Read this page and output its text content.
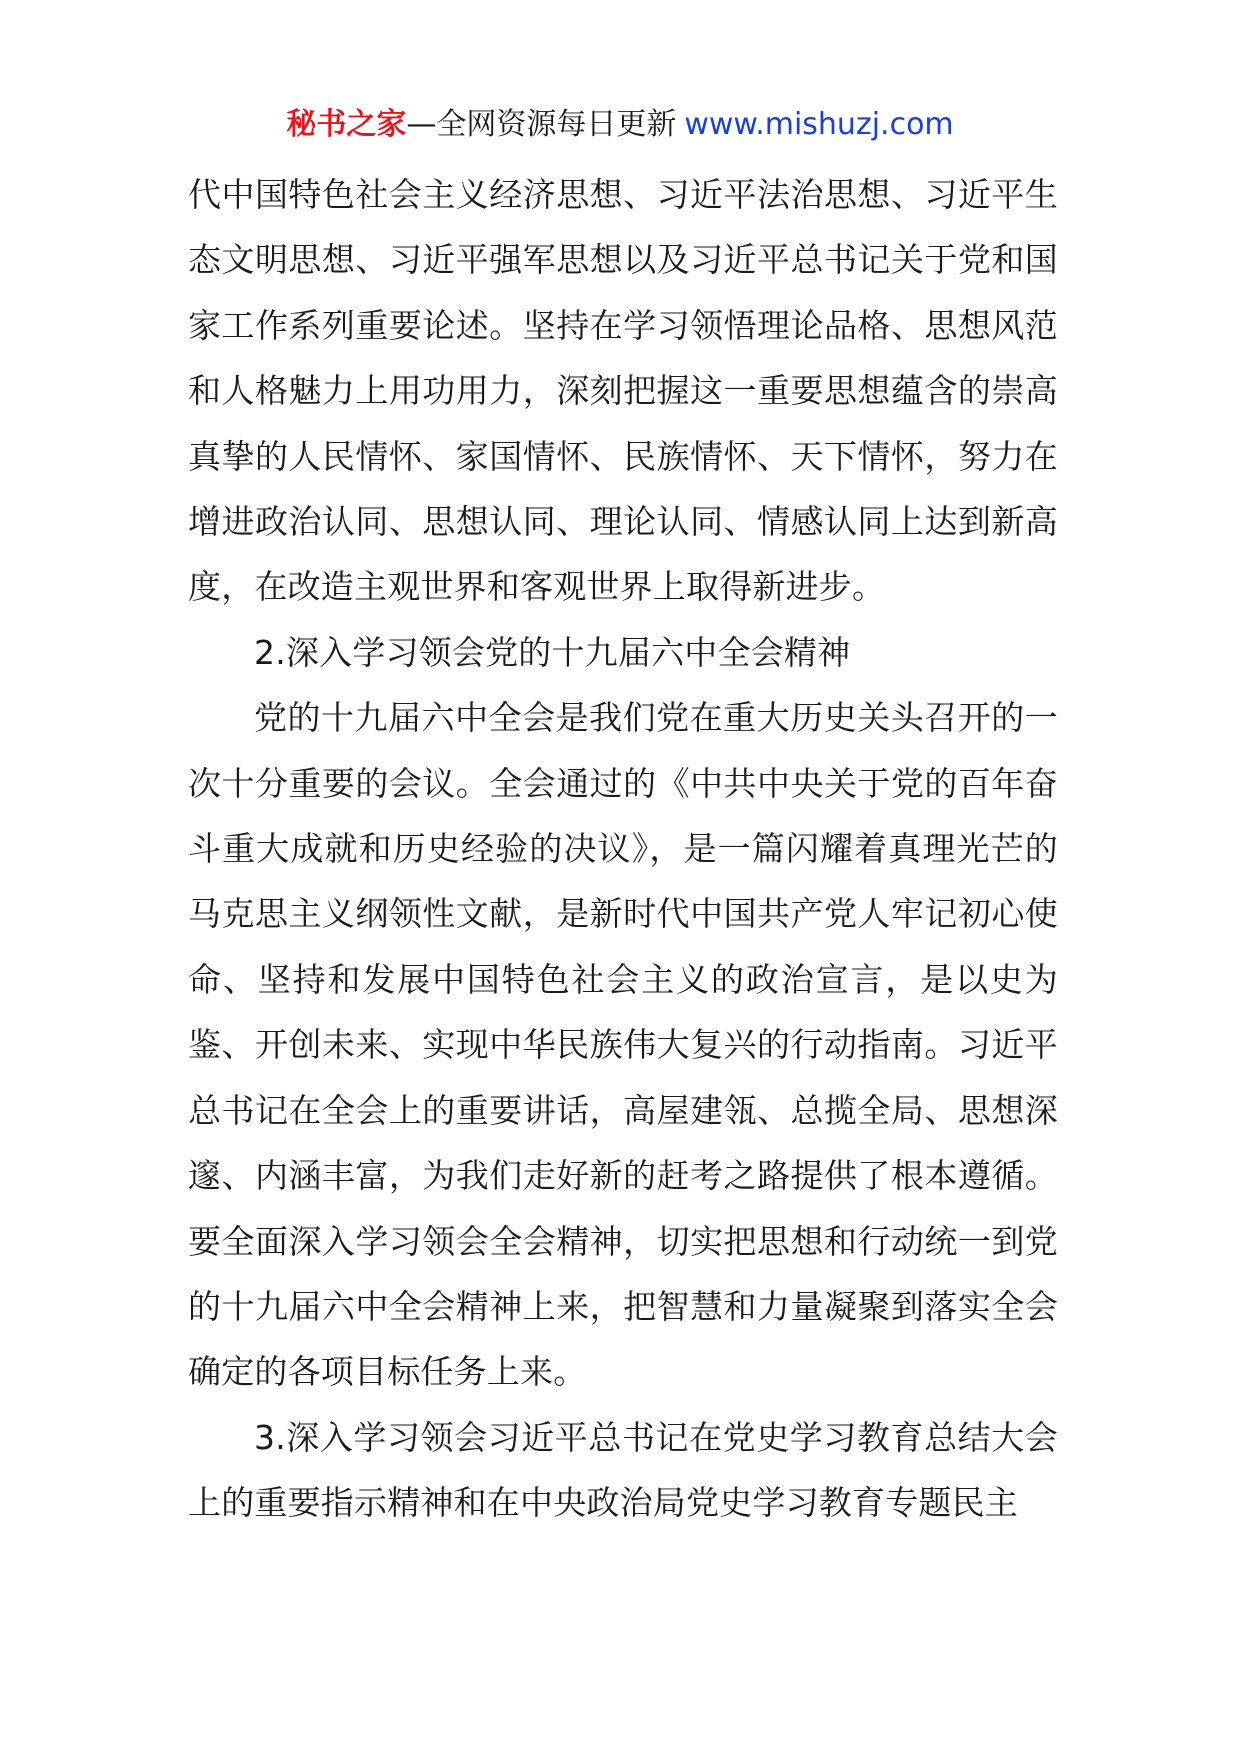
秘书之家—全网资源每日更新 www.mishuzj.com

代中国特色社会主义经济思想、习近平法治思想、习近平生态文明思想、习近平强军思想以及习近平总书记关于党和国家工作系列重要论述。坚持在学习领悟理论品格、思想风范和人格魅力上用功用力，深刻把握这一重要思想蕴含的崇高真挚的人民情怀、家国情怀、民族情怀、天下情怀，努力在增进政治认同、思想认同、理论认同、情感认同上达到新高度，在改造主观世界和客观世界上取得新进步。

2.深入学习领会党的十九届六中全会精神

党的十九届六中全会是我们党在重大历史关头召开的一次十分重要的会议。全会通过的《中共中央关于党的百年奋斗重大成就和历史经验的决议》，是一篇闪耀着真理光芒的马克思主义纲领性文献，是新时代中国共产党人牢记初心使命、坚持和发展中国特色社会主义的政治宣言，是以史为鉴、开创未来、实现中华民族伟大复兴的行动指南。习近平总书记在全会上的重要讲话，高屋建瓴、总揽全局、思想深邃、内涵丰富，为我们走好新的赶考之路提供了根本遵循。要全面深入学习领会全会精神，切实把思想和行动统一到党的十九届六中全会精神上来，把智慧和力量凝聚到落实全会确定的各项目标任务上来。

3.深入学习领会习近平总书记在党史学习教育总结大会上的重要指示精神和在中央政治局党史学习教育专题民主
